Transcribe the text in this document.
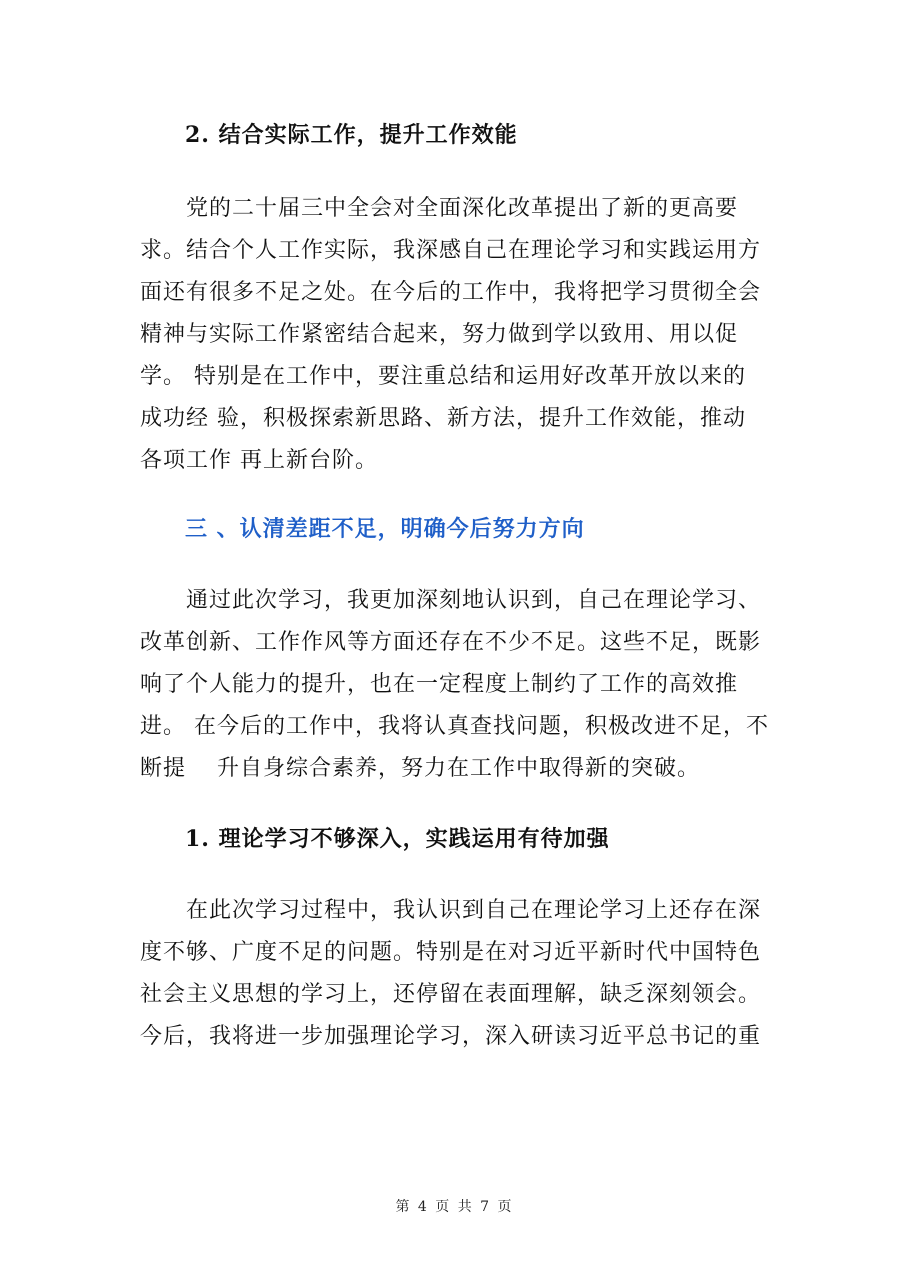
2. 结合实际工作，提升工作效能
　　党的二十届三中全会对全面深化改革提出了新的更高要
求。结合个人工作实际，我深感自己在理论学习和实践运用方
面还有很多不足之处。在今后的工作中，我将把学习贯彻全会
精神与实际工作紧密结合起来，努力做到学以致用、用以促
学。 特别是在工作中，要注重总结和运用好改革开放以来的
成功经 验，积极探索新思路、新方法，提升工作效能，推动
各项工作 再上新台阶。
三 、认清差距不足，明确今后努力方向
　　通过此次学习，我更加深刻地认识到，自己在理论学习、
改革创新、工作作风等方面还存在不少不足。这些不足，既影
响了个人能力的提升，也在一定程度上制约了工作的高效推
进。 在今后的工作中，我将认真查找问题，积极改进不足，不
断提　 升自身综合素养，努力在工作中取得新的突破。
1. 理论学习不够深入，实践运用有待加强
　　在此次学习过程中，我认识到自己在理论学习上还存在深
度不够、广度不足的问题。特别是在对习近平新时代中国特色
社会主义思想的学习上，还停留在表面理解，缺乏深刻领会。
今后，我将进一步加强理论学习，深入研读习近平总书记的重
第 4 页 共 7 页
